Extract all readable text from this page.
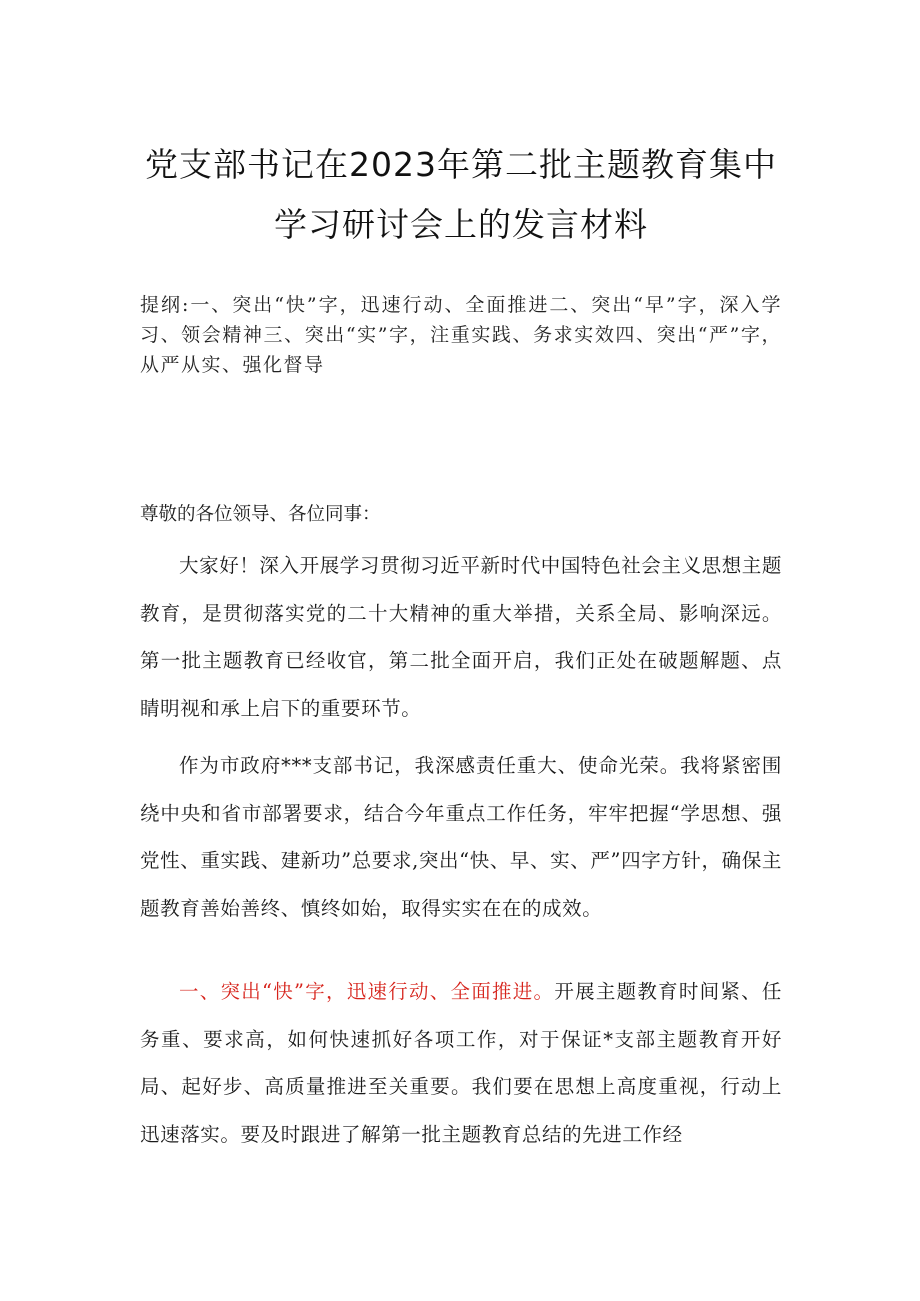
党支部书记在2023年第二批主题教育集中
学习研讨会上的发言材料
提纲:一、突出“快”字，迅速行动、全面推进二、突出“早”字，深入学习、领会精神三、突出“实”字，注重实践、务求实效四、突出“严”字，从严从实、强化督导
尊敬的各位领导、各位同事：

大家好！深入开展学习贯彻习近平新时代中国特色社会主义思想主题教育，是贯彻落实党的二十大精神的重大举措，关系全局、影响深远。第一批主题教育已经收官，第二批全面开启，我们正处在破题解题、点睛明视和承上启下的重要环节。

作为市政府***支部书记，我深感责任重大、使命光荣。我将紧密围绕中央和省市部署要求，结合今年重点工作任务，牢牢把握“学思想、强党性、重实践、建新功”总要求,突出“快、早、实、严”四字方针，确保主题教育善始善终、慎终如始，取得实实在在的成效。

一、突出“快”字，迅速行动、全面推进。开展主题教育时间紧、任务重、要求高，如何快速抓好各项工作，对于保证*支部主题教育开好局、起好步、高质量推进至关重要。我们要在思想上高度重视，行动上迅速落实。要及时跟进了解第一批主题教育总结的先进工作经
